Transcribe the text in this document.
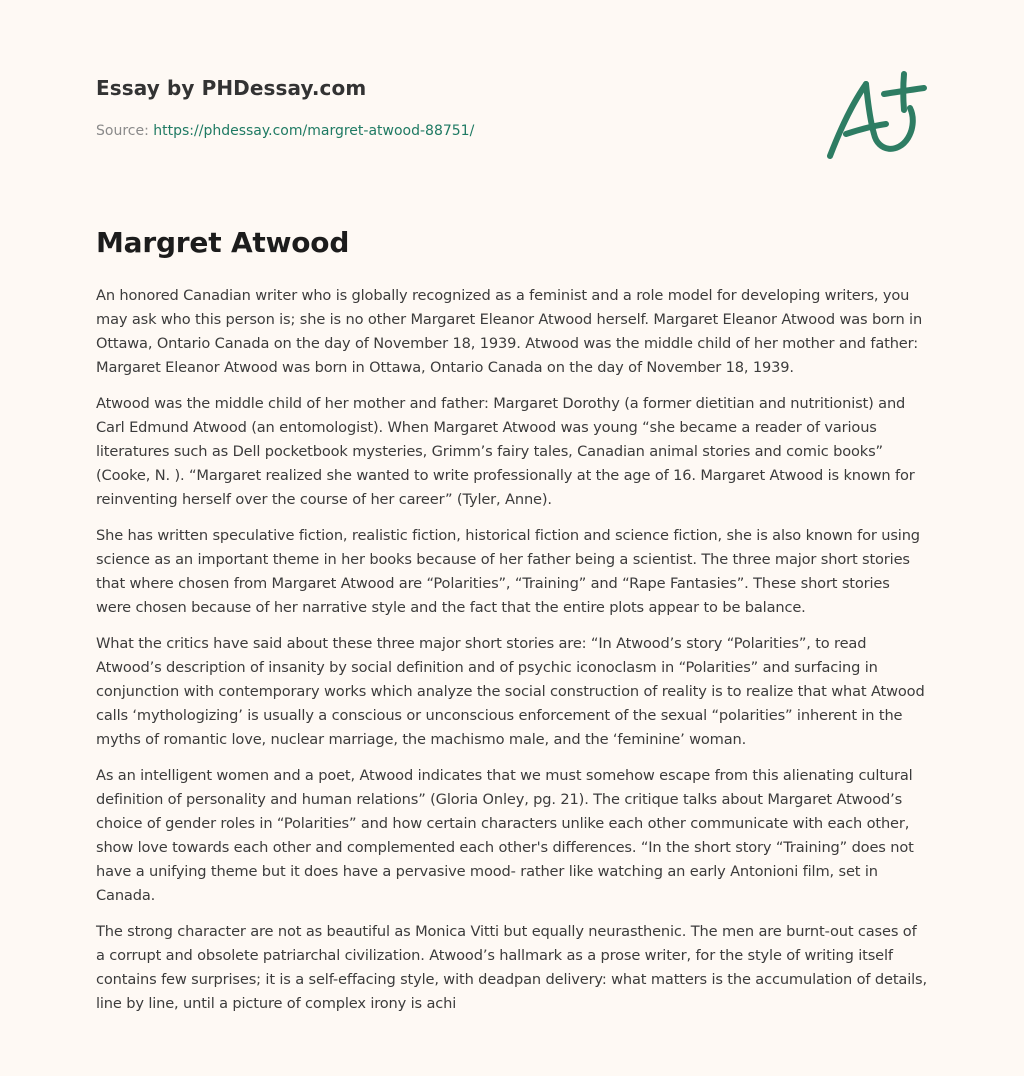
Essay by PHDessay.com
Source: https://phdessay.com/margret-atwood-88751/
Margret Atwood

An honored Canadian writer who is globally recognized as a feminist and a role model for developing writers, you may ask who this person is; she is no other Margaret Eleanor Atwood herself. Margaret Eleanor Atwood was born in Ottawa, Ontario Canada on the day of November 18, 1939. Atwood was the middle child of her mother and father: Margaret Eleanor Atwood was born in Ottawa, Ontario Canada on the day of November 18, 1939.

Atwood was the middle child of her mother and father: Margaret Dorothy (a former dietitian and nutritionist) and Carl Edmund Atwood (an entomologist). When Margaret Atwood was young “she became a reader of various literatures such as Dell pocketbook mysteries, Grimm’s fairy tales, Canadian animal stories and comic books” (Cooke, N. ). “Margaret realized she wanted to write professionally at the age of 16. Margaret Atwood is known for reinventing herself over the course of her career” (Tyler, Anne).

She has written speculative fiction, realistic fiction, historical fiction and science fiction, she is also known for using science as an important theme in her books because of her father being a scientist. The three major short stories that where chosen from Margaret Atwood are “Polarities”, “Training” and “Rape Fantasies”. These short stories were chosen because of her narrative style and the fact that the entire plots appear to be balance.

What the critics have said about these three major short stories are: “In Atwood’s story “Polarities”, to read Atwood’s description of insanity by social definition and of psychic iconoclasm in “Polarities” and surfacing in conjunction with contemporary works which analyze the social construction of reality is to realize that what Atwood calls ‘mythologizing’ is usually a conscious or unconscious enforcement of the sexual “polarities” inherent in the myths of romantic love, nuclear marriage, the machismo male, and the ‘feminine’ woman.

As an intelligent women and a poet, Atwood indicates that we must somehow escape from this alienating cultural definition of personality and human relations” (Gloria Onley, pg. 21). The critique talks about Margaret Atwood’s choice of gender roles in “Polarities” and how certain characters unlike each other communicate with each other, show love towards each other and complemented each other's differences. “In the short story “Training” does not have a unifying theme but it does have a pervasive mood- rather like watching an early Antonioni film, set in Canada.

The strong character are not as beautiful as Monica Vitti but equally neurasthenic. The men are burnt-out cases of a corrupt and obsolete patriarchal civilization. Atwood’s hallmark as a prose writer, for the style of writing itself contains few surprises; it is a self-effacing style, with deadpan delivery: what matters is the accumulation of details, line by line, until a picture of complex irony is achi
